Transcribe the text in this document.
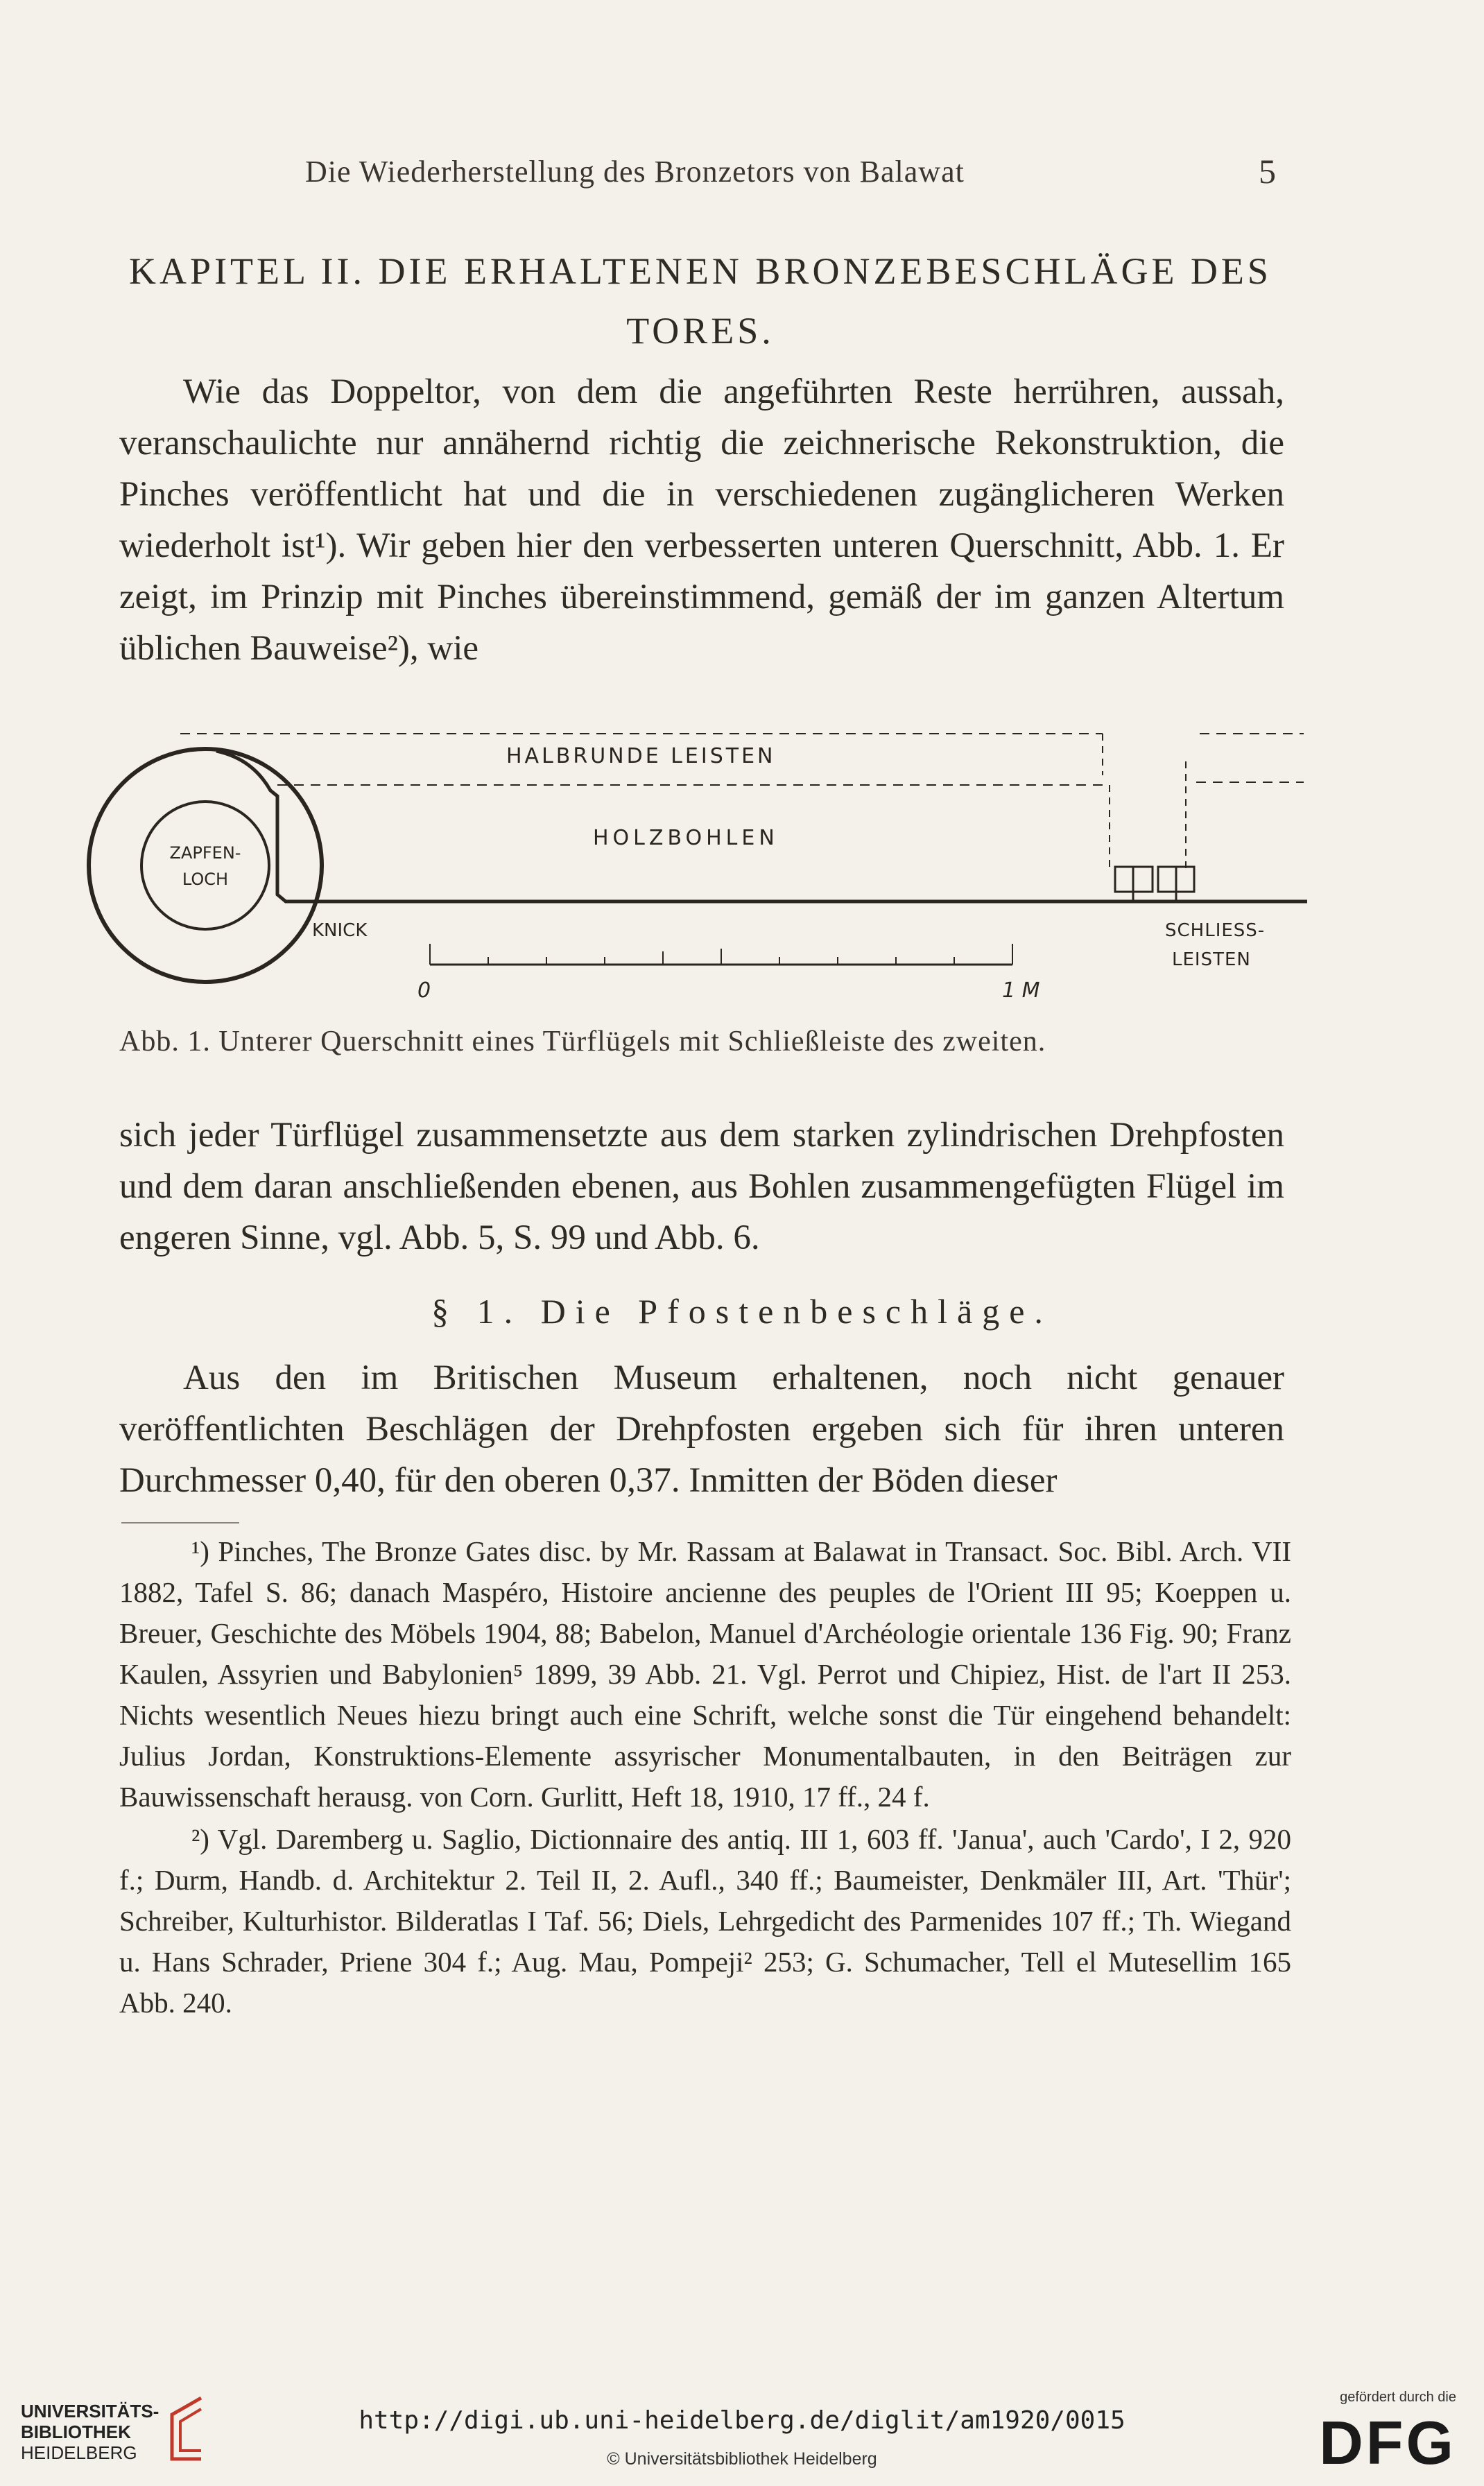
Die Wiederherstellung des Bronzetors von Balawat	5
KAPITEL II. DIE ERHALTENEN BRONZEBESCHLÄGE DES
TORES.

Wie das Doppeltor, von dem die angeführten Reste herrühren, aussah, veranschaulichte nur annähernd richtig die zeichnerische Rekonstruktion, die Pinches veröffentlicht hat und die in verschiedenen zugänglicheren Werken wiederholt ist¹). Wir geben hier den verbesserten unteren Querschnitt, Abb. 1. Er zeigt, im Prinzip mit Pinches übereinstimmend, gemäß der im ganzen Altertum üblichen Bauweise²), wie

HALBRUNDE LEISTEN
HOLZBOHLEN
ZAPFEN-
LOCH
KNICK	SCHLIESS-
LEISTEN
0	1 M
Abb. 1. Unterer Querschnitt eines Türflügels mit Schließleiste des zweiten.

sich jeder Türflügel zusammensetzte aus dem starken zylindrischen Drehpfosten und dem daran anschließenden ebenen, aus Bohlen zusammengefügten Flügel im engeren Sinne, vgl. Abb. 5, S. 99 und Abb. 6.

§ 1. Die Pfostenbeschläge.

Aus den im Britischen Museum erhaltenen, noch nicht genauer veröffentlichten Beschlägen der Drehpfosten ergeben sich für ihren unteren Durchmesser 0,40, für den oberen 0,37. Inmitten der Böden dieser

¹) Pinches, The Bronze Gates disc. by Mr. Rassam at Balawat in Transact. Soc. Bibl. Arch. VII 1882, Tafel S. 86; danach Maspéro, Histoire ancienne des peuples de l'Orient III 95; Koeppen u. Breuer, Geschichte des Möbels 1904, 88; Babelon, Manuel d'Archéologie orientale 136 Fig. 90; Franz Kaulen, Assyrien und Babylonien⁵ 1899, 39 Abb. 21. Vgl. Perrot und Chipiez, Hist. de l'art II 253. Nichts wesentlich Neues hiezu bringt auch eine Schrift, welche sonst die Tür eingehend behandelt: Julius Jordan, Konstruktions-Elemente assyrischer Monumentalbauten, in den Beiträgen zur Bauwissenschaft herausg. von Corn. Gurlitt, Heft 18, 1910, 17 ff., 24 f.

²) Vgl. Daremberg u. Saglio, Dictionnaire des antiq. III 1, 603 ff. 'Janua', auch 'Cardo', I 2, 920 f.; Durm, Handb. d. Architektur 2. Teil II, 2. Aufl., 340 ff.; Baumeister, Denkmäler III, Art. 'Thür'; Schreiber, Kulturhistor. Bilderatlas I Taf. 56; Diels, Lehrgedicht des Parmenides 107 ff.; Th. Wiegand u. Hans Schrader, Priene 304 f.; Aug. Mau, Pompeji² 253; G. Schumacher, Tell el Mutesellim 165 Abb. 240.

UNIVERSITÄTS-
BIBLIOTHEK
HEIDELBERG
http://digi.ub.uni-heidelberg.de/diglit/am1920/0015
© Universitätsbibliothek Heidelberg
gefördert durch die
DFG
